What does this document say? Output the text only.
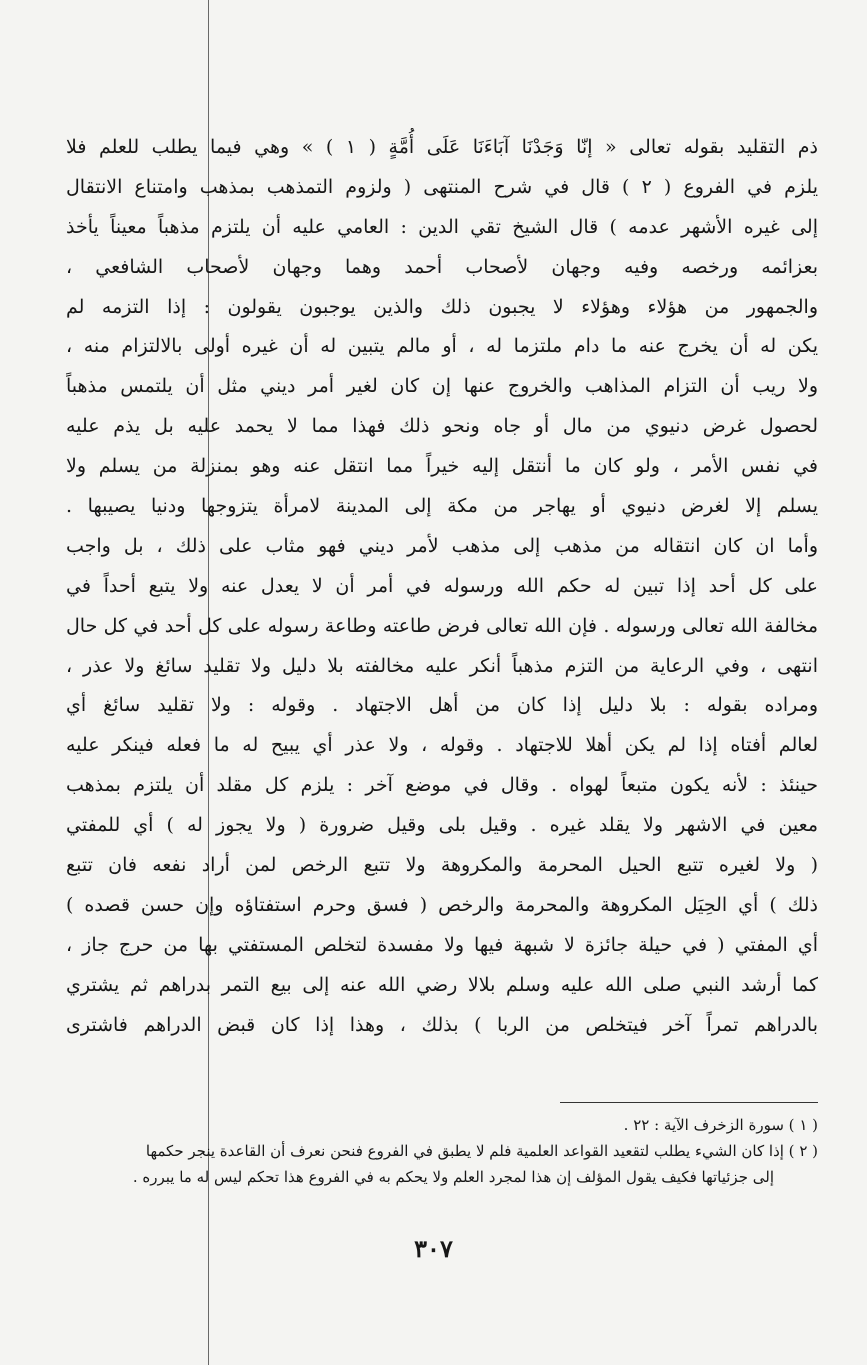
ذم التقليد بقوله تعالى « إنّا وَجَدْنَا آبَاءَنَا عَلَى أُمَّةٍ ( ١ ) » وهي فيما يطلب للعلم فلا
يلزم في الفروع ( ٢ ) قال في شرح المنتهى ( ولزوم التمذهب بمذهب وامتناع الانتقال
إلى غيره الأشهر عدمه ) قال الشيخ تقي الدين : العامي عليه أن يلتزم مذهباً معيناً يأخذ
بعزائمه ورخصه وفيه وجهان لأصحاب أحمد وهما وجهان لأصحاب الشافعي ،
والجمهور من هؤلاء وهؤلاء لا يجبون ذلك والذين يوجبون يقولون : إذا التزمه لم
يكن له أن يخرج عنه ما دام ملتزما له ، أو مالم يتبين له أن غيره أولى بالالتزام منه ،
ولا ريب أن التزام المذاهب والخروج عنها إن كان لغير أمر ديني مثل أن يلتمس مذهباً
لحصول غرض دنيوي من مال أو جاه ونحو ذلك فهذا مما لا يحمد عليه بل يذم عليه
في نفس الأمر ، ولو كان ما أنتقل إليه خيراً مما انتقل عنه وهو بمنزلة من يسلم ولا
يسلم إلا لغرض دنيوي أو يهاجر من مكة إلى المدينة لامرأة يتزوجها ودنيا يصيبها .
وأما ان كان انتقاله من مذهب إلى مذهب لأمر ديني فهو مثاب على ذلك ، بل واجب
على كل أحد إذا تبين له حكم الله ورسوله في أمر أن لا يعدل عنه ولا يتبع أحداً في
مخالفة الله تعالى ورسوله . فإن الله تعالى فرض طاعته وطاعة رسوله على كل أحد في كل حال
انتهى ، وفي الرعاية من التزم مذهباً أنكر عليه مخالفته بلا دليل ولا تقليد سائغ ولا عذر ،
ومراده بقوله : بلا دليل إذا كان من أهل الاجتهاد . وقوله : ولا تقليد سائغ أي
لعالم أفتاه إذا لم يكن أهلا للاجتهاد . وقوله ، ولا عذر أي يبيح له ما فعله فينكر عليه
حينئذ : لأنه يكون متبعاً لهواه . وقال في موضع آخر : يلزم كل مقلد أن يلتزم بمذهب
معين في الاشهر ولا يقلد غيره . وقيل بلى وقيل ضرورة ( ولا يجوز له ) أي للمفتي
( ولا لغيره تتبع الحيل المحرمة والمكروهة ولا تتبع الرخص لمن أراد نفعه فان تتبع
ذلك ) أي الحِيَل المكروهة والمحرمة والرخص ( فسق وحرم استفتاؤه وإن حسن قصده )
أي المفتي ( في حيلة جائزة لا شبهة فيها ولا مفسدة لتخلص المستفتي بها من حرج جاز ،
كما أرشد النبي صلى الله عليه وسلم بلالا رضي الله عنه إلى بيع التمر بدراهم ثم يشتري
بالدراهم تمراً آخر فيتخلص من الربا ) بذلك ، وهذا إذا كان قبض الدراهم فاشترى
( ١ ) سورة الزخرف الآية : ٢٢ .
( ٢ ) إذا كان الشيء يطلب لتقعيد القواعد العلمية فلم لا يطبق في الفروع فنحن نعرف أن القاعدة ينجر حكمها
إلى جزئياتها فكيف يقول المؤلف إن هذا لمجرد العلم ولا يحكم به في الفروع هذا تحكم ليس له ما يبرره .
٣٠٧
